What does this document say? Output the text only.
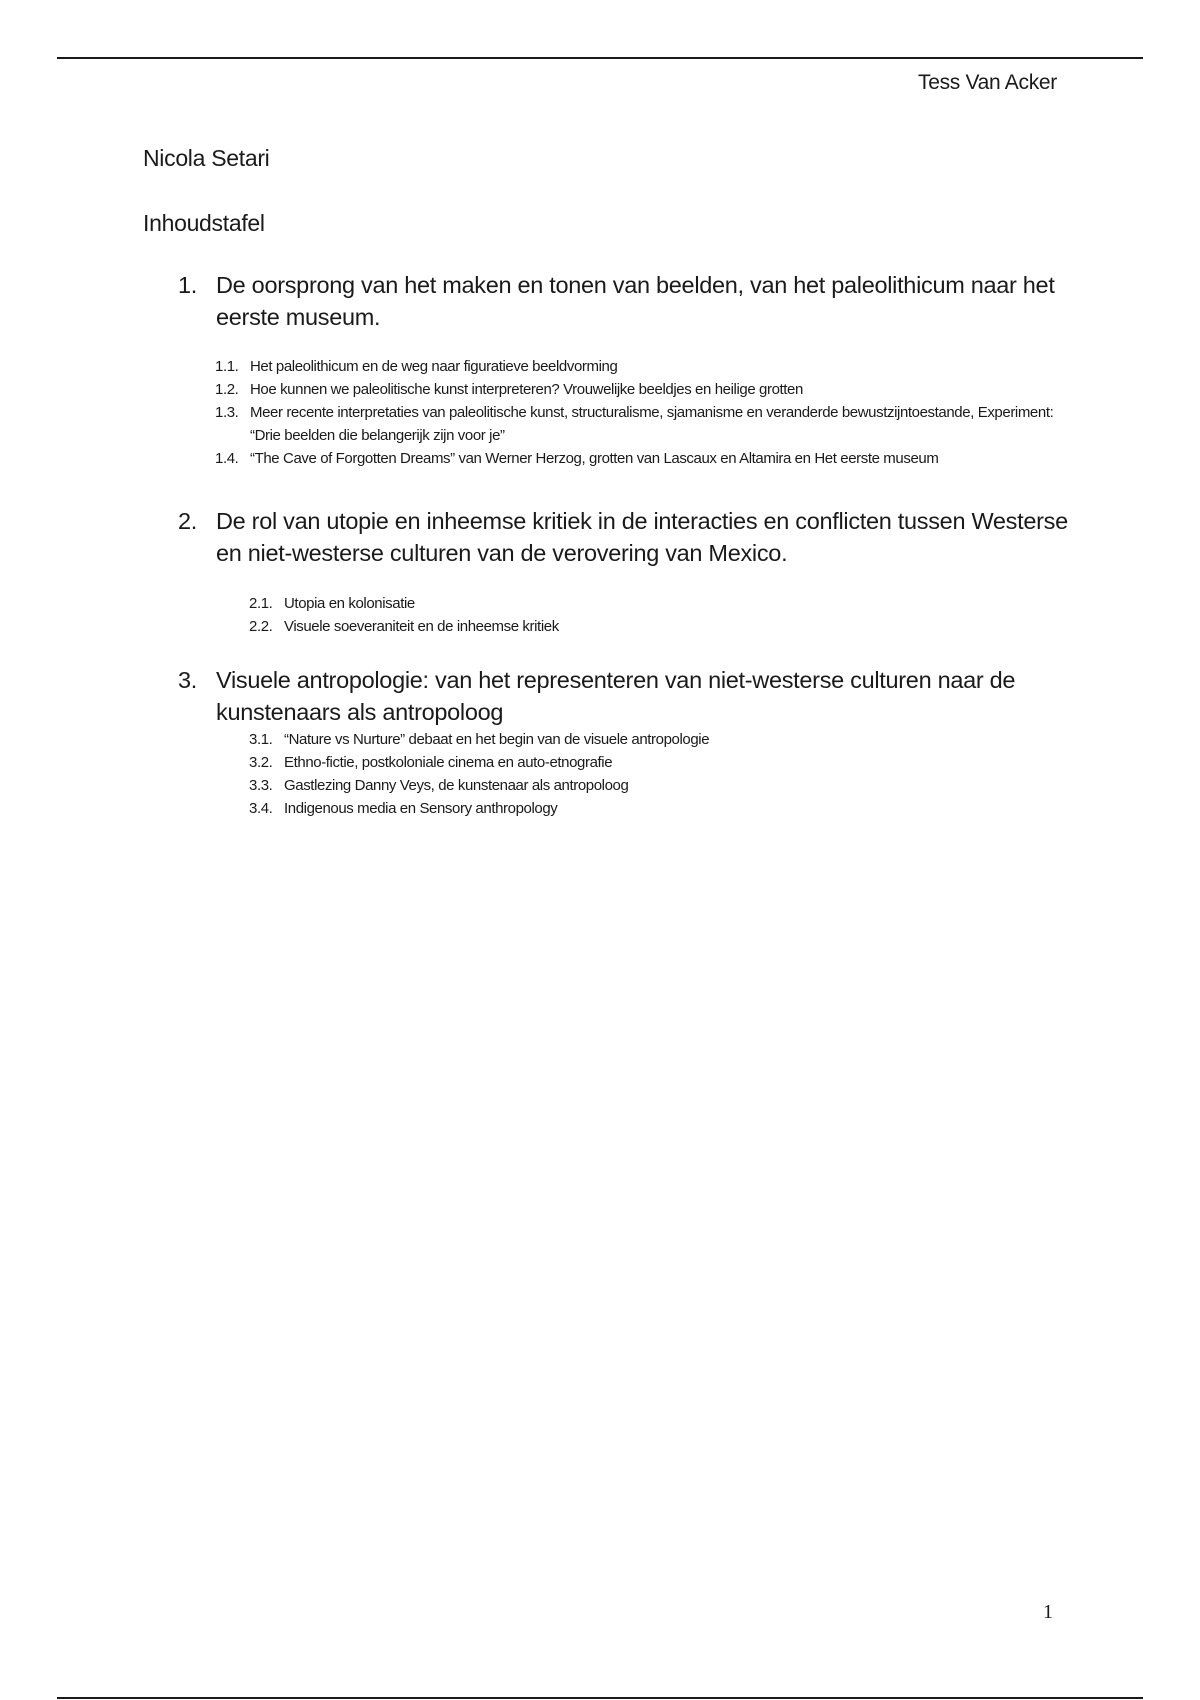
Tess Van Acker
Nicola Setari
Inhoudstafel
1. De oorsprong van het maken en tonen van beelden, van het paleolithicum naar het eerste museum.
1.1. Het paleolithicum en de weg naar figuratieve beeldvorming
1.2. Hoe kunnen we paleolitische kunst interpreteren? Vrouwelijke beeldjes en heilige grotten
1.3. Meer recente interpretaties van paleolitische kunst, structuralisme, sjamanisme en veranderde bewustzijntoestande, Experiment: “Drie beelden die belangerijk zijn voor je”
1.4. “The Cave of Forgotten Dreams” van Werner Herzog, grotten van Lascaux en Altamira en Het eerste museum
2. De rol van utopie en inheemse kritiek in de interacties en conflicten tussen Westerse en niet-westerse culturen van de verovering van Mexico.
2.1. Utopia en kolonisatie
2.2. Visuele soeveraniteit en de inheemse kritiek
3. Visuele antropologie: van het representeren van niet-westerse culturen naar de kunstenaars als antropoloog
3.1. “Nature vs Nurture” debaat en het begin van de visuele antropologie
3.2. Ethno-fictie, postkoloniale cinema en auto-etnografie
3.3. Gastlezing Danny Veys, de kunstenaar als antropoloog
3.4. Indigenous media en Sensory anthropology
1
